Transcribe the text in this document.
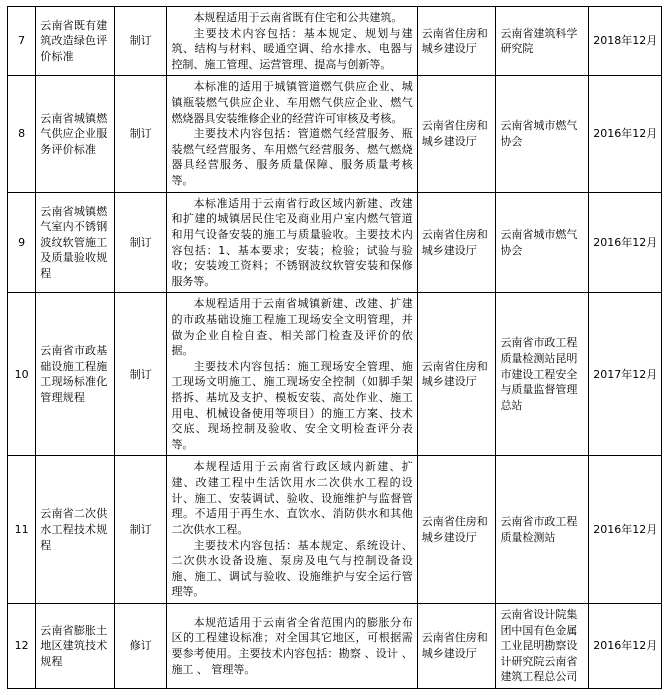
7	云南省既有建筑改造绿色评价标准	制订	本规程适用于云南省既有住宅和公共建筑。
主要技术内容包括：基本规定、规划与建筑、结构与材料、暖通空调、给水排水、电器与控制、施工管理、运营管理、提高与创新等。	云南省住房和城乡建设厅	云南省建筑科学研究院	2018年12月
8	云南省城镇燃气供应企业服务评价标准	制订	本标准的适用于城镇管道燃气供应企业、城镇瓶装燃气供应企业、车用燃气供应企业、燃气燃烧器具安装维修企业的经营许可审核及考核。
主要技术内容包括：管道燃气经营服务、瓶装燃气经营服务、车用燃气经营服务、燃气燃烧器具经营服务、服务质量保障、服务质量考核等。	云南省住房和城乡建设厅	云南省城市燃气协会	2016年12月
9	云南省城镇燃气室内不锈钢波纹软管施工及质量验收规程	制订	本标准适用于云南省行政区域内新建、改建和扩建的城镇居民住宅及商业用户室内燃气管道和用气设备安装的施工与质量验收。主要技术内容包括：1、基本要求；安装；检验；试验与验收；安装竣工资料；不锈钢波纹软管安装和保修服务等。	云南省住房和城乡建设厅	云南省城市燃气协会	2016年12月
10	云南省市政基础设施工程施工现场标准化管理规程	制订	本规程适用于云南省城镇新建、改建、扩建的市政基础设施工程施工现场安全文明管理，并做为企业自检自查、相关部门检查及评价的依据。
主要技术内容包括：施工现场安全管理、施工现场文明施工、施工现场安全控制（如脚手架搭拆、基坑及支护、模板安装、高处作业、施工用电、机械设备使用等项目）的施工方案、技术交底、现场控制及验收、安全文明检查评分表等。	云南省住房和城乡建设厅	云南省市政工程质量检测站昆明市建设工程安全与质量监督管理总站	2017年12月
11	云南省二次供水工程技术规程	制订	本规程适用于云南省行政区域内新建、扩建、改建工程中生活饮用水二次供水工程的设计、施工、安装调试、验收、设施维护与监督管理。不适用于再生水、直饮水、消防供水和其他二次供水工程。
主要技术内容包括：基本规定、系统设计、二次供水设备设施、泵房及电气与控制设备设施、施工、调试与验收、设施维护与安全运行管理等。	云南省住房和城乡建设厅	云南省市政工程质量检测站	2016年12月
12	云南省膨胀土地区建筑技术规程	修订	本规范适用于云南省全省范围内的膨胀分布区的工程建设标准；对全国其它地区，可根据需要参考使用。主要技术内容包括：勘察 、设计 、施工 、 管理等。	云南省住房和城乡建设厅	云南省设计院集团中国有色金属工业昆明勘察设计研究院云南省建筑工程总公司	2016年12月
